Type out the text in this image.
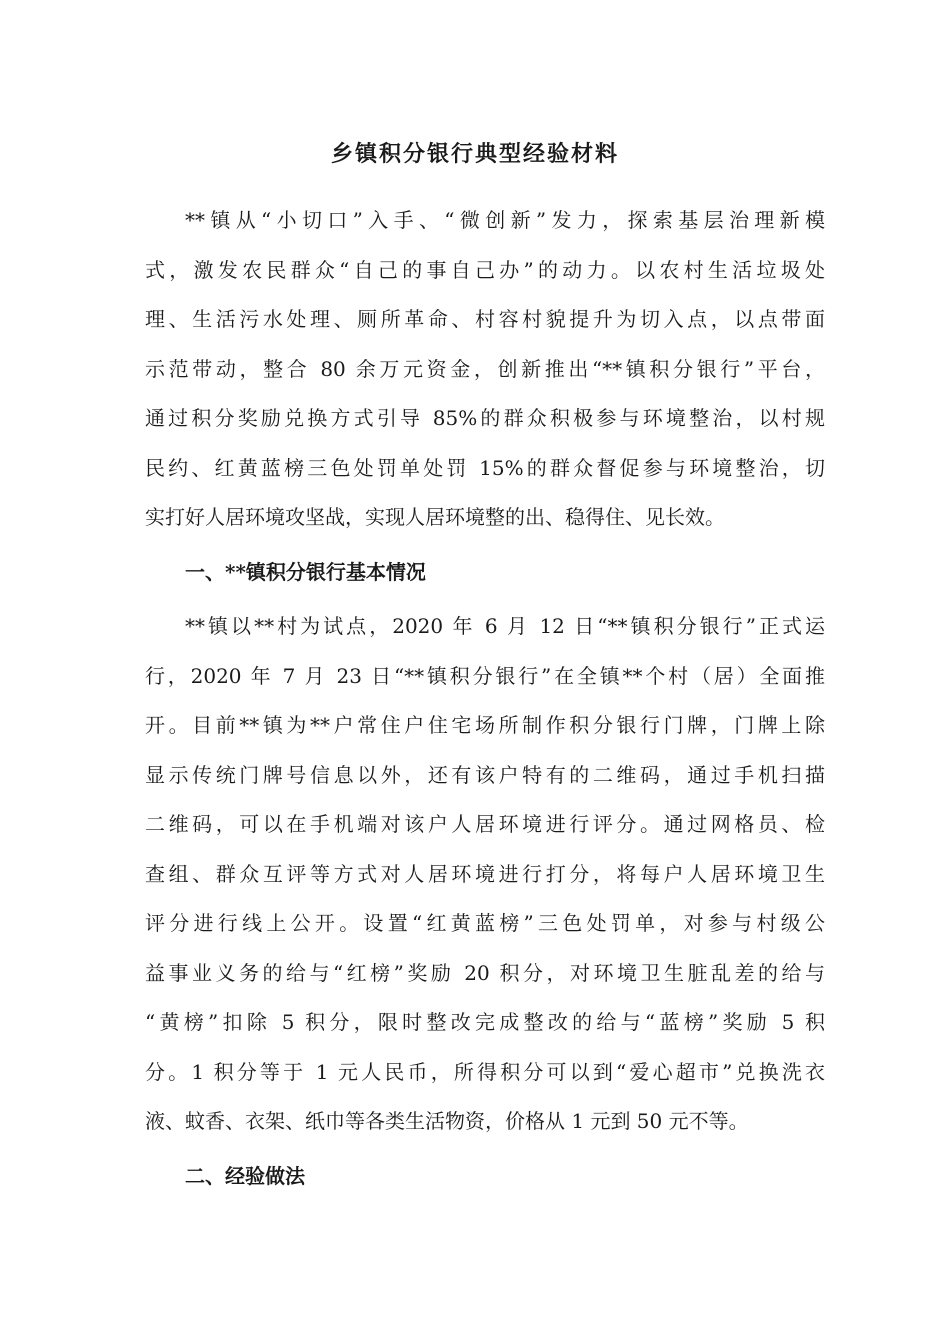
乡镇积分银行典型经验材料
**镇从“小切口”入手、“微创新”发力，探索基层治理新模
式，激发农民群众“自己的事自己办”的动力。以农村生活垃圾处
理、生活污水处理、厕所革命、村容村貌提升为切入点，以点带面
示范带动，整合 80 余万元资金，创新推出“**镇积分银行”平台，
通过积分奖励兑换方式引导 85%的群众积极参与环境整治，以村规
民约、红黄蓝榜三色处罚单处罚 15%的群众督促参与环境整治，切
实打好人居环境攻坚战，实现人居环境整的出、稳得住、见长效。
一、**镇积分银行基本情况
**镇以**村为试点，2020 年 6 月 12 日“**镇积分银行”正式运
行，2020 年 7 月 23 日“**镇积分银行”在全镇**个村（居）全面推
开。目前**镇为**户常住户住宅场所制作积分银行门牌，门牌上除
显示传统门牌号信息以外，还有该户特有的二维码，通过手机扫描
二维码，可以在手机端对该户人居环境进行评分。通过网格员、检
查组、群众互评等方式对人居环境进行打分，将每户人居环境卫生
评分进行线上公开。设置“红黄蓝榜”三色处罚单，对参与村级公
益事业义务的给与“红榜”奖励 20 积分，对环境卫生脏乱差的给与
“黄榜”扣除 5 积分，限时整改完成整改的给与“蓝榜”奖励 5 积
分。1 积分等于 1 元人民币，所得积分可以到“爱心超市”兑换洗衣
液、蚊香、衣架、纸巾等各类生活物资，价格从 1 元到 50 元不等。
二、经验做法
